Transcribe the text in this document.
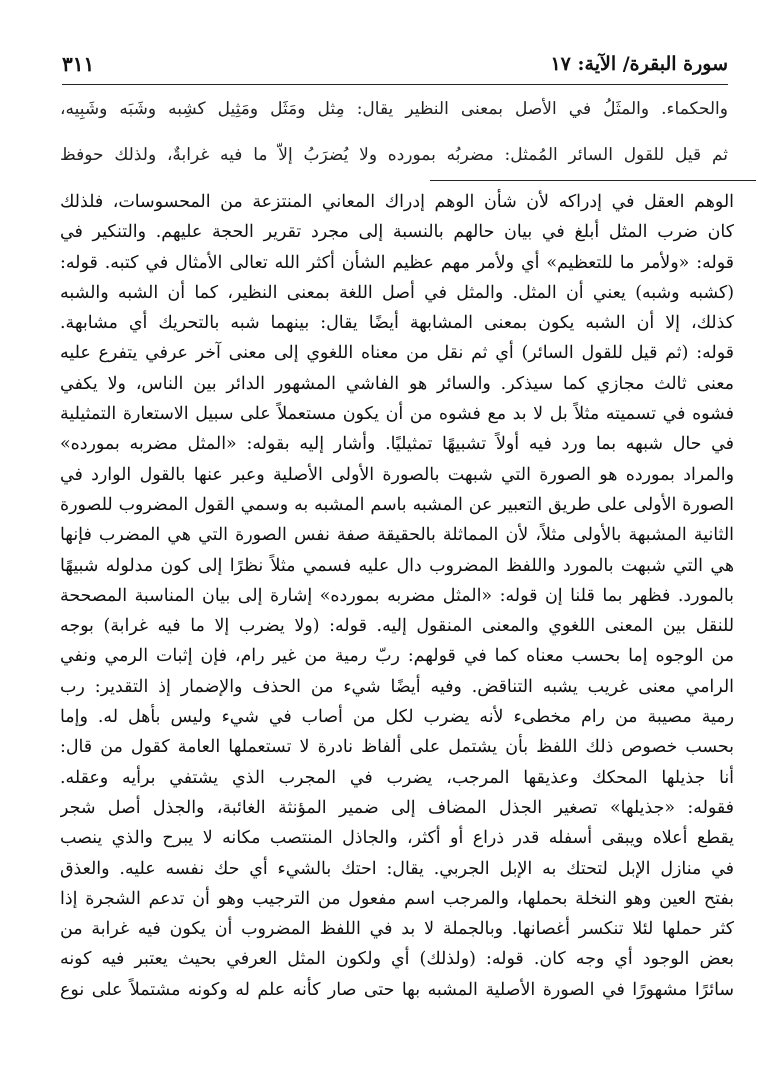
سورة البقرة/ الآية: ١٧
٣١١

والحكماء. والمثَلُ في الأصل بمعنى النظير يقال: مِثل ومَثَل ومَثِيل كشِبه وشَبَه وشَبِيه،

ثم قيل للقول السائر المُمثل: مضربُه بمورده ولا يُضرَبُ إلاّ ما فيه غرابةٌ، ولذلك حوفظ

الوهم العقل في إدراكه لأن شأن الوهم إدراك المعاني المنتزعة من المحسوسات، فلذلك

كان ضرب المثل أبلغ في بيان حالهم بالنسبة إلى مجرد تقرير الحجة عليهم. والتنكير في

قوله: «ولأمر ما للتعظيم» أي ولأمر مهم عظيم الشأن أكثر الله تعالى الأمثال في كتبه. قوله:

(كشبه وشبه) يعني أن المثل. والمثل في أصل اللغة بمعنى النظير، كما أن الشبه والشبه

كذلك، إلا أن الشبه يكون بمعنى المشابهة أيضًا يقال: بينهما شبه بالتحريك أي مشابهة.

قوله: (ثم قيل للقول السائر) أي ثم نقل من معناه اللغوي إلى معنى آخر عرفي يتفرع عليه

معنى ثالث مجازي كما سيذكر. والسائر هو الفاشي المشهور الدائر بين الناس، ولا يكفي

فشوه في تسميته مثلاً بل لا بد مع فشوه من أن يكون مستعملاً على سبيل الاستعارة التمثيلية

في حال شبهه بما ورد فيه أولاً تشبيهًا تمثيليًا. وأشار إليه بقوله: «المثل مضربه بمورده»

والمراد بمورده هو الصورة التي شبهت بالصورة الأولى الأصلية وعبر عنها بالقول الوارد في

الصورة الأولى على طريق التعبير عن المشبه باسم المشبه به وسمي القول المضروب للصورة

الثانية المشبهة بالأولى مثلاً، لأن المماثلة بالحقيقة صفة نفس الصورة التي هي المضرب فإنها

هي التي شبهت بالمورد واللفظ المضروب دال عليه فسمي مثلاً نظرًا إلى كون مدلوله شبيهًا

بالمورد. فظهر بما قلنا إن قوله: «المثل مضربه بمورده» إشارة إلى بيان المناسبة المصححة

للنقل بين المعنى اللغوي والمعنى المنقول إليه. قوله: (ولا يضرب إلا ما فيه غرابة) بوجه

من الوجوه إما بحسب معناه كما في قولهم: ربّ رمية من غير رام، فإن إثبات الرمي ونفي

الرامي معنى غريب يشبه التناقض. وفيه أيضًا شيء من الحذف والإضمار إذ التقدير: رب

رمية مصيبة من رام مخطىء لأنه يضرب لكل من أصاب في شيء وليس بأهل له. وإما

بحسب خصوص ذلك اللفظ بأن يشتمل على ألفاظ نادرة لا تستعملها العامة كقول من قال:

أنا جذيلها المحكك وعذيقها المرجب، يضرب في المجرب الذي يشتفي برأيه وعقله.

فقوله: «جذيلها» تصغير الجذل المضاف إلى ضمير المؤنثة الغائبة، والجذل أصل شجر

يقطع أعلاه ويبقى أسفله قدر ذراع أو أكثر، والجاذل المنتصب مكانه لا يبرح والذي ينصب

في منازل الإبل لتحتك به الإبل الجربي. يقال: احتك بالشيء أي حك نفسه عليه. والعذق

بفتح العين وهو النخلة بحملها، والمرجب اسم مفعول من الترجيب وهو أن تدعم الشجرة إذا

كثر حملها لئلا تنكسر أغصانها. وبالجملة لا بد في اللفظ المضروب أن يكون فيه غرابة من

بعض الوجود أي وجه كان. قوله: (ولذلك) أي ولكون المثل العرفي بحيث يعتبر فيه كونه

سائرًا مشهورًا في الصورة الأصلية المشبه بها حتى صار كأنه علم له وكونه مشتملاً على نوع
